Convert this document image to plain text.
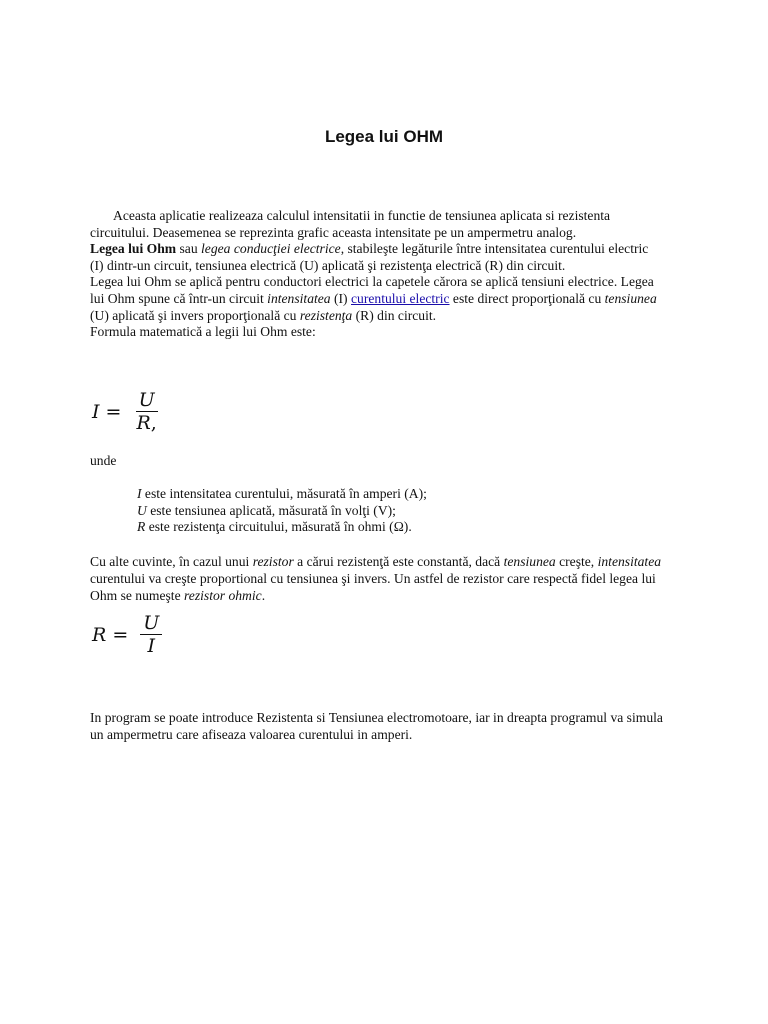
Legea lui OHM

Aceasta aplicatie realizeaza calculul intensitatii in functie de tensiunea aplicata si rezistenta circuitului. Deasemenea se reprezinta grafic aceasta intensitate pe un ampermetru analog.

Legea lui Ohm sau legea conducţiei electrice, stabileşte legăturile între intensitatea curentului electric (I) dintr-un circuit, tensiunea electrică (U) aplicată şi rezistenţa electrică (R) din circuit.

Legea lui Ohm se aplică pentru conductori electrici la capetele cărora se aplică tensiuni electrice. Legea lui Ohm spune că într-un circuit intensitatea (I) curentului electric este direct proporţională cu tensiunea (U) aplicată şi invers proporţională cu rezistenţa (R) din circuit.

Formula matematică a legii lui Ohm este:

$I = \frac{U}{R,}$
unde

I este intensitatea curentului, măsurată în amperi (A);

U este tensiunea aplicată, măsurată în volţi (V);

R este rezistenţa circuitului, măsurată în ohmi (Ω).

Cu alte cuvinte, în cazul unui rezistor a cărui rezistenţă este constantă, dacă tensiunea creşte, intensitatea curentului va creşte proportional cu tensiunea şi invers. Un astfel de rezistor care respectă fidel legea lui Ohm se numeşte rezistor ohmic.

$R = \frac{U}{I}$

In program se poate introduce Rezistenta si Tensiunea electromotoare, iar in dreapta programul va simula un ampermetru care afiseaza valoarea curentului in amperi.
